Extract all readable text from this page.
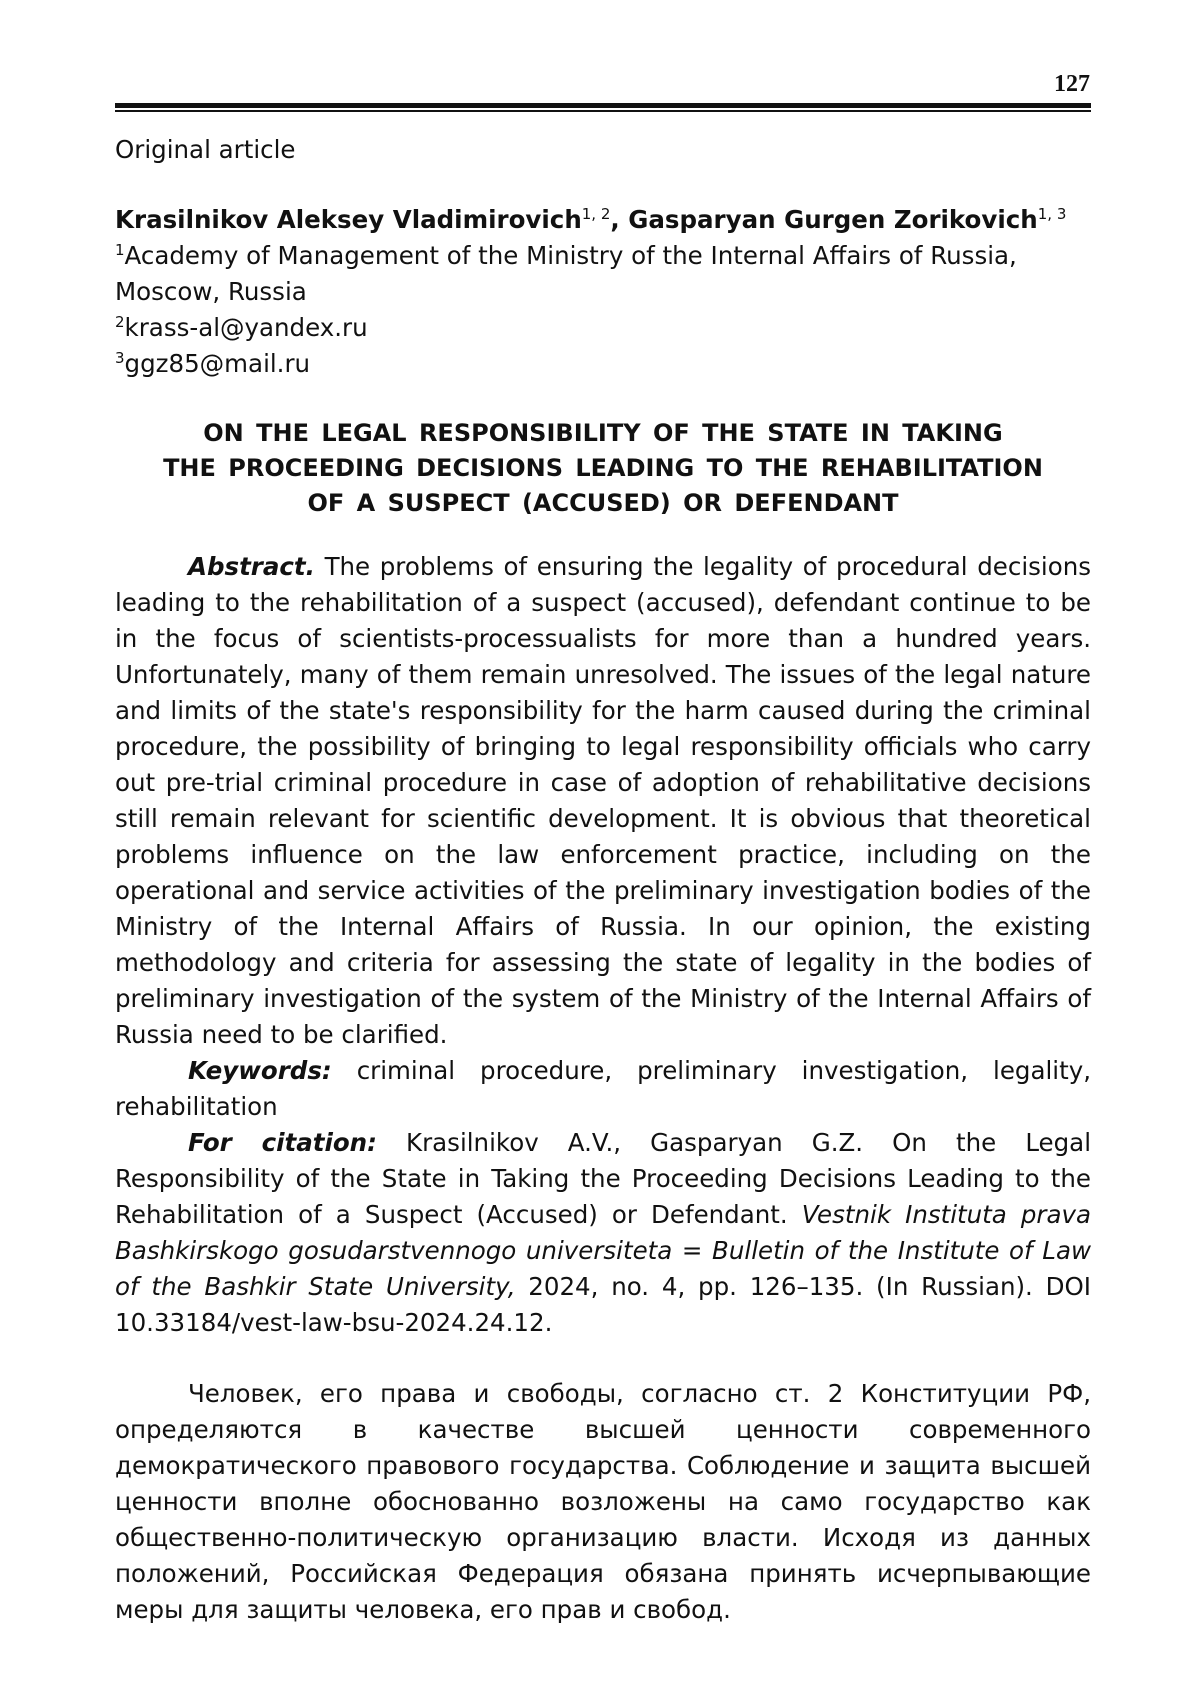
127

Original article

Krasilnikov Aleksey Vladimirovich$^{1, 2}$, Gasparyan Gurgen Zorikovich$^{1, 3}$

$^1$Academy of Management of the Ministry of the Internal Affairs of Russia,

Moscow, Russia

$^2$krass-al@yandex.ru

$^3$ggz85@mail.ru

ON THE LEGAL RESPONSIBILITY OF THE STATE IN TAKING
THE PROCEEDING DECISIONS LEADING TO THE REHABILITATION
OF A SUSPECT (ACCUSED) OR DEFENDANT

Abstract. The problems of ensuring the legality of procedural decisions leading to the rehabilitation of a suspect (accused), defendant continue to be in the focus of scientists-processualists for more than a hundred years. Unfortunately, many of them remain unresolved. The issues of the legal nature and limits of the state's responsibility for the harm caused during the criminal procedure, the possibility of bringing to legal responsibility officials who carry out pre-trial criminal procedure in case of adoption of rehabilitative decisions still remain relevant for scientific development. It is obvious that theoretical problems influence on the law enforcement practice, including on the operational and service activities of the preliminary investigation bodies of the Ministry of the Internal Affairs of Russia. In our opinion, the existing methodology and criteria for assessing the state of legality in the bodies of preliminary investigation of the system of the Ministry of the Internal Affairs of Russia need to be clarified.

Keywords: criminal procedure, preliminary investigation, legality, rehabilitation

For citation: Krasilnikov A.V., Gasparyan G.Z. On the Legal Responsibility of the State in Taking the Proceeding Decisions Leading to the Rehabilitation of a Suspect (Accused) or Defendant. Vestnik Instituta prava Bashkirskogo gosudarstvennogo universiteta = Bulletin of the Institute of Law of the Bashkir State University, 2024, no. 4, pp. 126–135. (In Russian). DOI 10.33184/vest-law-bsu-2024.24.12.

Человек, его права и свободы, согласно ст. 2 Конституции РФ, определяются в качестве высшей ценности современного демократического правового государства. Соблюдение и защита высшей ценности вполне обоснованно возложены на само государство как общественно-политическую организацию власти. Исходя из данных положений, Российская Федерация обязана принять исчерпывающие меры для защиты человека, его прав и свобод.
